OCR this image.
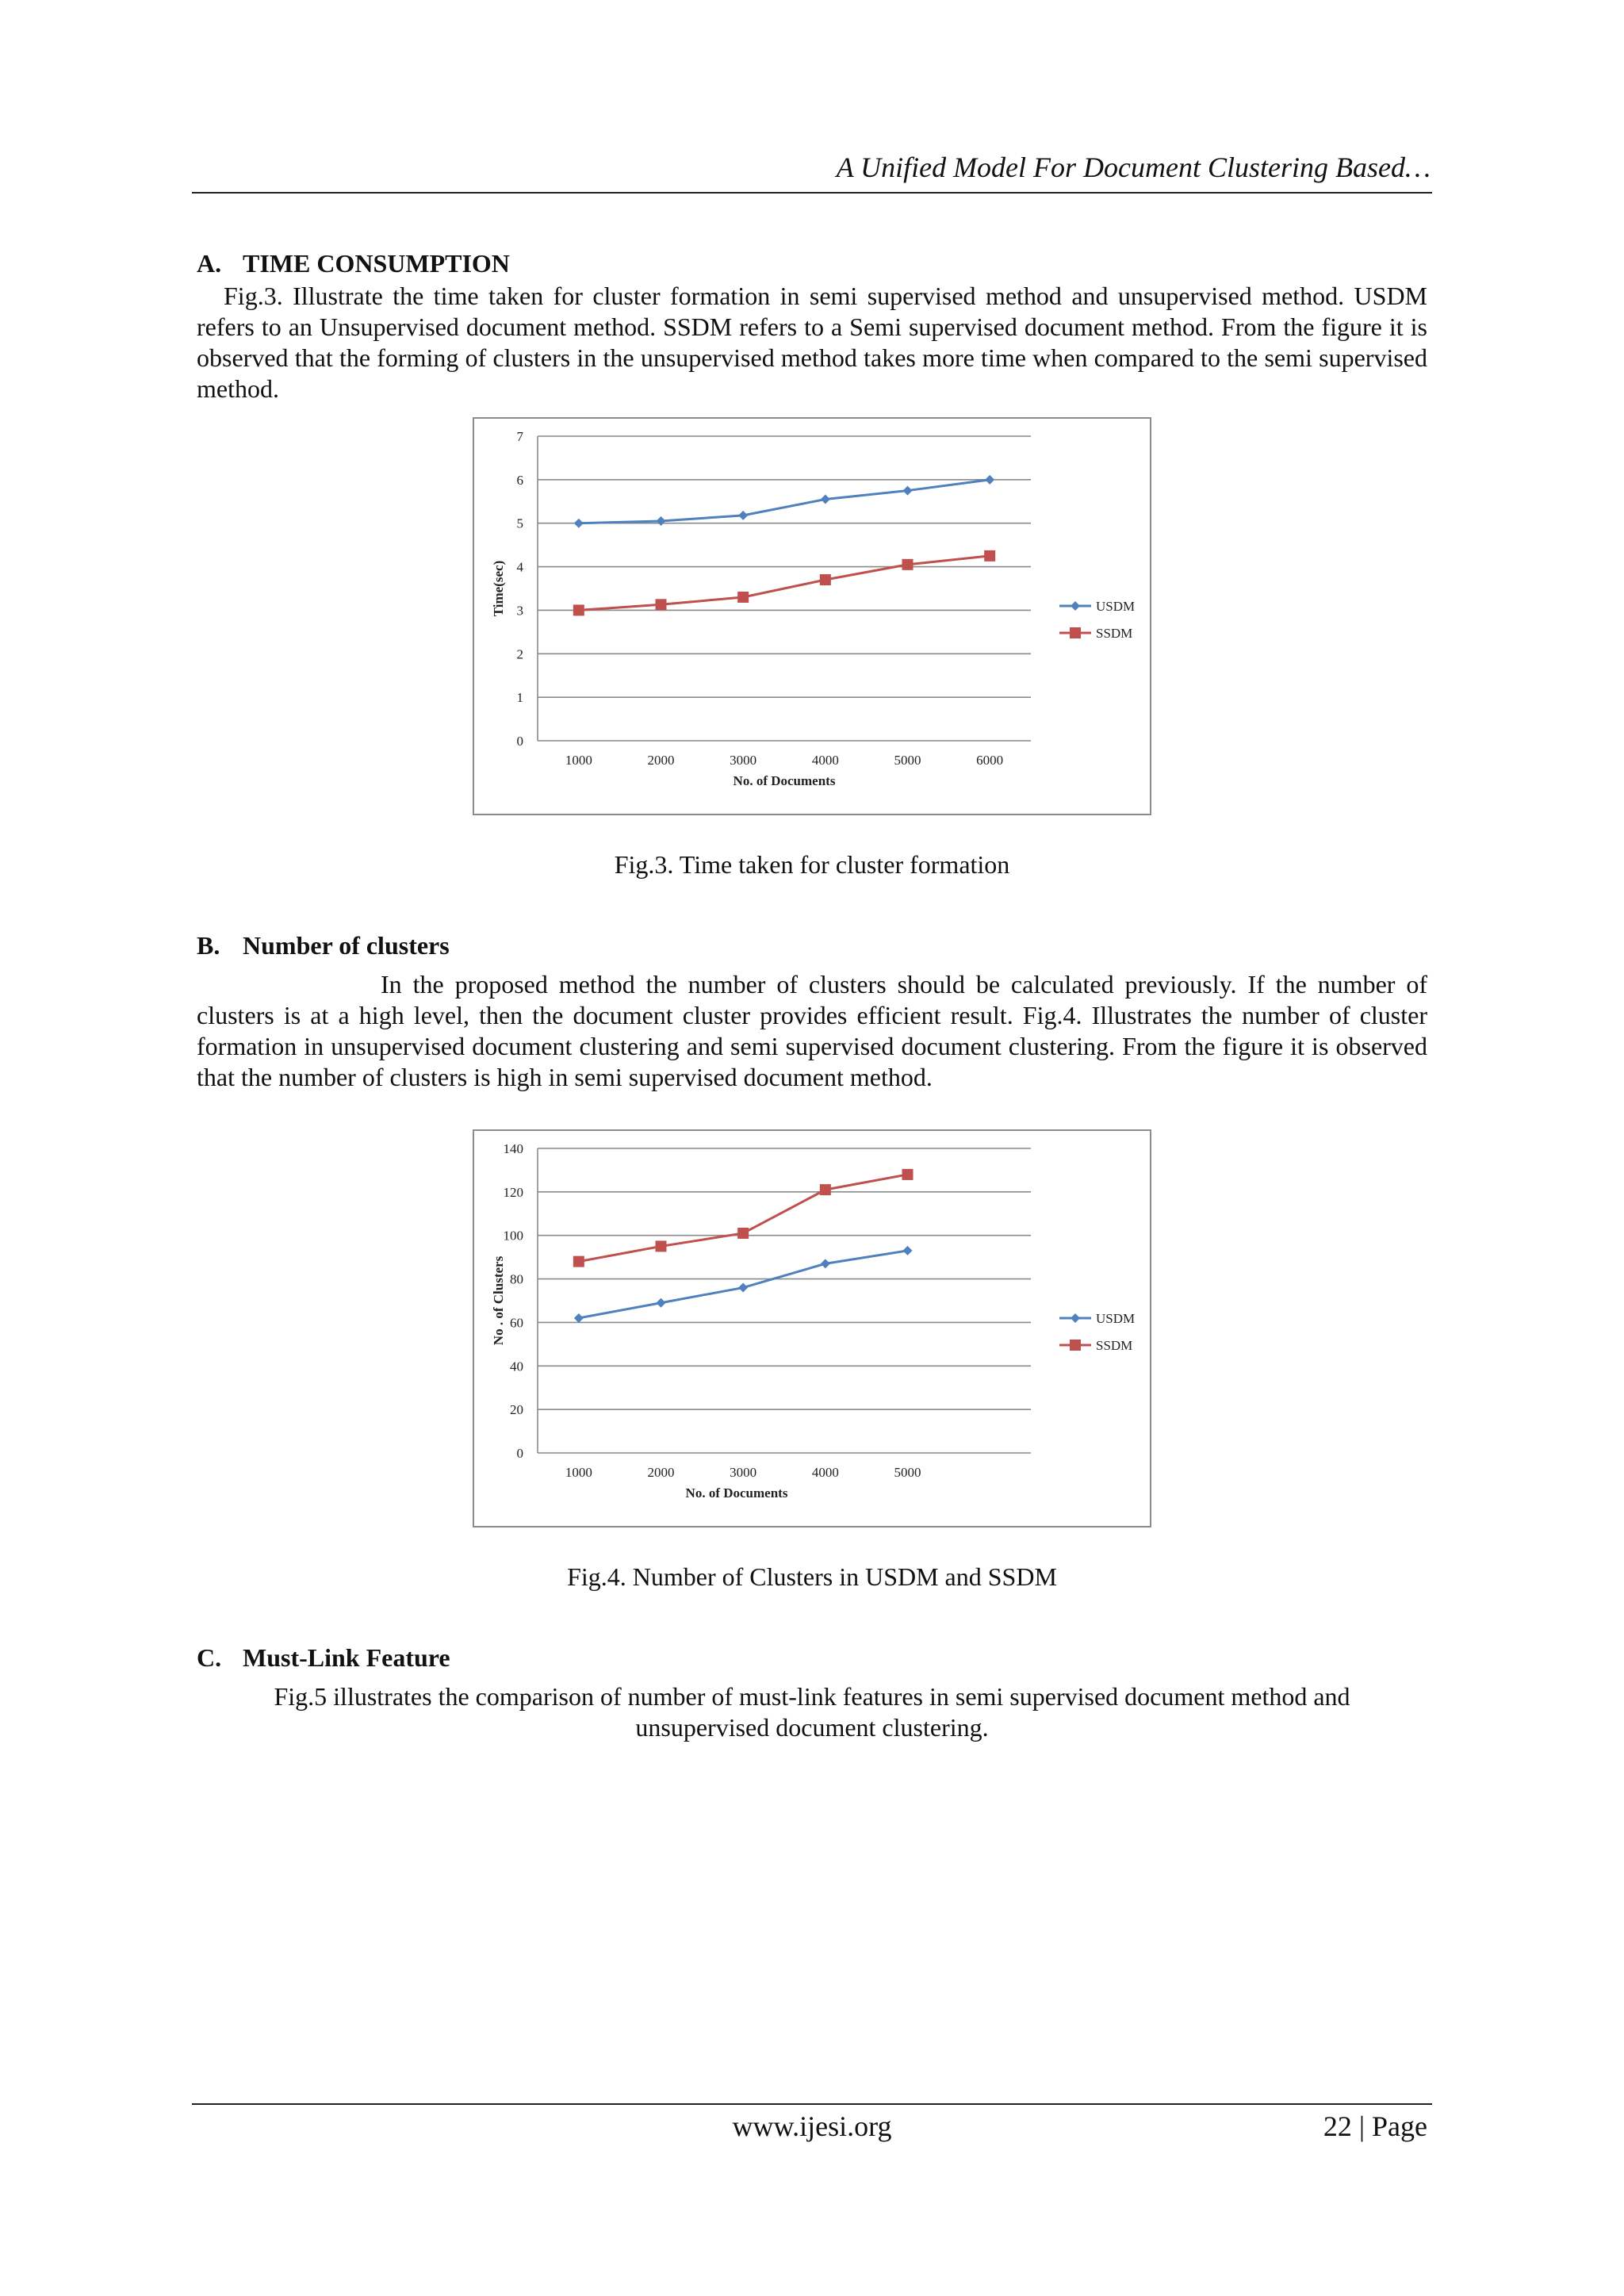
A Unified Model For Document Clustering Based…
A. TIME CONSUMPTION

Fig.3. Illustrate the time taken for cluster formation in semi supervised method and unsupervised method. USDM refers to an Unsupervised document method. SSDM refers to a Semi supervised document method. From the figure it is observed that the forming of clusters in the unsupervised method takes more time when compared to the semi supervised method.

0
1
2
3
4
5
6
7
1000	2000	3000	4000	5000	6000
No. of Documents
Time(sec)	USDM
SSDM
Fig.3. Time taken for cluster formation
B. Number of clusters

In the proposed method the number of clusters should be calculated previously. If the number of clusters is at a high level, then the document cluster provides efficient result. Fig.4. Illustrates the number of cluster formation in unsupervised document clustering and semi supervised document clustering. From the figure it is observed that the number of clusters is high in semi supervised document method.

0
20
40
60
80
100
120
140
1000	2000	3000	4000	5000
No. of Documents
No . of Clusters	USDM
SSDM
Fig.4. Number of Clusters in USDM and SSDM
C. Must-Link Feature

Fig.5 illustrates the comparison of number of must-link features in semi supervised document method and unsupervised document clustering.

www.ijesi.org	22 | Page
